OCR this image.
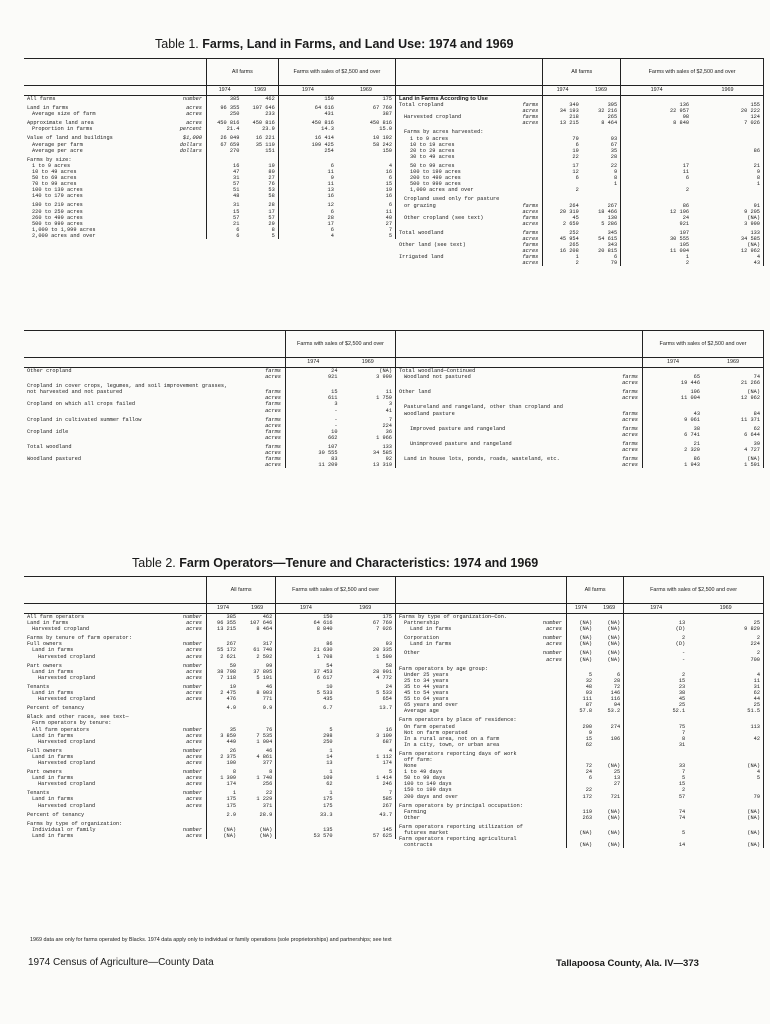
Table 1. Farms, Land in Farms, and Land Use: 1974 and 1969
		All farms		Farms with sales of $2,500 and over	
		1974	1969	1974	1969
All farms	number	385	462	150	175
Land in farms	acres	96 355	107 646	64 616	67 769
Average size of farm	acres	250	233	431	387
Approximate land area	acres	450 816	450 816	450 816	450 816
Proportion in farms	percent	21.4	23.9	14.3	15.0
Value of land and buildings	$1,000	26 049	16 221	16 414	10 192
Average per farm	dollars	67 659	35 110	109 425	58 242
Average per acre	dollars	270	151	254	150
Farms by size:					
1 to 9 acres		16	19	6	4
10 to 49 acres		47	80	11	16
50 to 69 acres		31	27	9	6
70 to 99 acres		57	76	11	15
100 to 139 acres		51	53	13	19
140 to 179 acres		48	58	16	16
180 to 219 acres		31	28	12	6
220 to 259 acres		15	17	6	11
260 to 499 acres		57	57	28	40
500 to 999 acres		21	29	17	27
1,000 to 1,999 acres		6	8	6	7
2,000 acres and over		6	5	4	5
		All farms		Farms with sales of $2,500 and over	
		1974	1969	1974	1969
Land in Farms According to Use					
Total cropland	farms	340	395	136	155
	acres	34 193	32 216	22 957	20 222
Harvested cropland	farms	218	265	98	124
	acres	13 215	8 464	8 840	7 026
Farms by acres harvested:					
1 to 9 acres		79	93		
10 to 19 acres		6	67		
20 to 29 acres		19	35		86
30 to 49 acres		22	28		
50 to 99 acres		17	22	17	21
100 to 199 acres		12	9	11	9
200 to 499 acres		6	8	6	8
500 to 999 acres			1		1
1,000 acres and over		2		2	
Cropland used only for pasture					
or grazing	farms	264	267	86	91
	acres	20 319	18 466	12 196	9 205
Other cropland (see text)	farms	45	130	24	(NA)
	acres	2 659	5 286	921	3 990
Total woodland	farms	252	345	107	133
	acres	45 954	54 615	30 555	34 585
Other land (see text)	farms	265	343	105	(NA)
	acres	16 208	20 815	11 004	12 962
Irrigated land	farms	1	6	1	4
	acres	2	79	2	43
		Farms with sales of $2,500 and over	
		1974	1969
Other cropland	farms	24	(NA)
	acres	921	3 990
Cropland in cover crops, legumes, and soil improvement grasses,			
not harvested and not pastured	farms	15	11
	acres	611	1 759
Cropland on which all crops failed	farms	3	3
	acres	-	41
Cropland in cultivated summer fallow	farms	-	7
	acres	-	224
Cropland idle	farms	10	36
	acres	662	1 966
Total woodland	farms	107	133
	acres	30 555	34 585
Woodland pastured	farms	83	92
	acres	11 209	13 319
		Farms with sales of $2,500 and over	
		1974	1969
Total woodland—Continued			
Woodland not pastured	farms	65	74
	acres	19 446	21 266
Other land	farms	106	(NA)
	acres	11 004	12 962
Pastureland and rangeland, other than cropland and			
woodland pasture	farms	43	84
	acres	9 061	11 371
Improved pasture and rangeland	farms	38	62
	acres	6 741	6 644
Unimproved pasture and rangeland	farms	21	39
	acres	2 320	4 727
Land in house lots, ponds, roads, wasteland, etc.	farms	86	(NA)
	acres	1 943	1 591
Table 2. Farm Operators—Tenure and Characteristics: 1974 and 1969
		All farms		Farms with sales of $2,500 and over	
		1974	1969	1974	1969
All farm operators	number	385	462	150	175
Land in farms	acres	96 355	107 646	64 616	67 769
Harvested cropland	acres	13 215	8 464	8 840	7 026
Farms by tenure of farm operator:					
Full owners	number	267	317	86	93
Land in farms	acres	55 172	61 740	21 630	20 335
Harvested cropland	acres	2 621	2 592	1 708	1 590
Part owners	number	59	99	54	58
Land in farms	acres	38 708	37 895	37 453	28 901
Harvested cropland	acres	7 118	5 101	6 617	4 772
Tenants	number	19	46	10	24
Land in farms	acres	2 475	8 003	5 533	5 533
Harvested cropland	acres	476	771	435	654
Percent of tenancy		4.9	9.9	6.7	13.7
Black and other races, see text—					
Farm operators by tenure:					
All farm operators	number	35	76	5	16
Land in farms	acres	3 859	7 535	298	3 109
Harvested cropland	acres	449	1 004	250	687
Full owners	number	26	46	1	4
Land in farms	acres	2 375	4 861	14	1 112
Harvested cropland	acres	100	377	13	174
Part owners	number	8	8	1	5
Land in farms	acres	1 309	1 740	109	1 414
Harvested cropland	acres	174	256	62	246
Tenants	number	1	22	1	7
Land in farms	acres	175	1 229	175	585
Harvested cropland	acres	175	371	175	267
Percent of tenancy		2.9	28.9	33.3	43.7
Farms by type of organization:					
Individual or family	number	(NA)	(NA)	135	145
Land in farms	acres	(NA)	(NA)	53 570	57 625
		All farms		Farms with sales of $2,500 and over	
		1974	1969	1974	1969
Farms by type of organization—Con.					
Partnership	number	(NA)	(NA)	13	25
Land in farms	acres	(NA)	(NA)	(D)	9 820
Corporation	number	(NA)	(NA)	2	2
Land in farms	acres	(NA)	(NA)	(D)	224
Other	number	(NA)	(NA)	-	2
	acres	(NA)	(NA)	-	700
Farm operators by age group:					
Under 25 years		5	6	2	4
25 to 34 years		32	28	15	11
35 to 44 years		48	72	23	31
45 to 54 years		93	146	38	62
55 to 64 years		111	116	45	44
65 years and over		87	94	25	25
Average age		57.8	53.2	52.1	51.5
Farm operators by place of residence:					
On farm operated		200	274	75	113
Not on farm operated		9		7	
In a rural area, not on a farm		15	106	8	42
In a city, town, or urban area		62		31	
Farm operators reporting days of work					
off farm:					
None		72	(NA)	33	(NA)
1 to 49 days		24	25	7	4
50 to 99 days		6	13	5	5
100 to 149 days			27	15	
150 to 199 days		22		2	
200 days and over		172	721	57	79
Farm operators by principal occupation:					
Farming		119	(NA)	74	(NA)
Other		263	(NA)	74	(NA)
Farm operators reporting utilization of					
futures market		(NA)	(NA)	5	(NA)
Farm operators reporting agricultural					
contracts		(NA)	(NA)	14	(NA)
1969 data are only for farms operated by Blacks. 1974 data apply only to individual or family operations (sole proprietorships) and partnerships; see text
1974 Census of Agriculture—County Data	Tallapoosa County, Ala. IV—373
